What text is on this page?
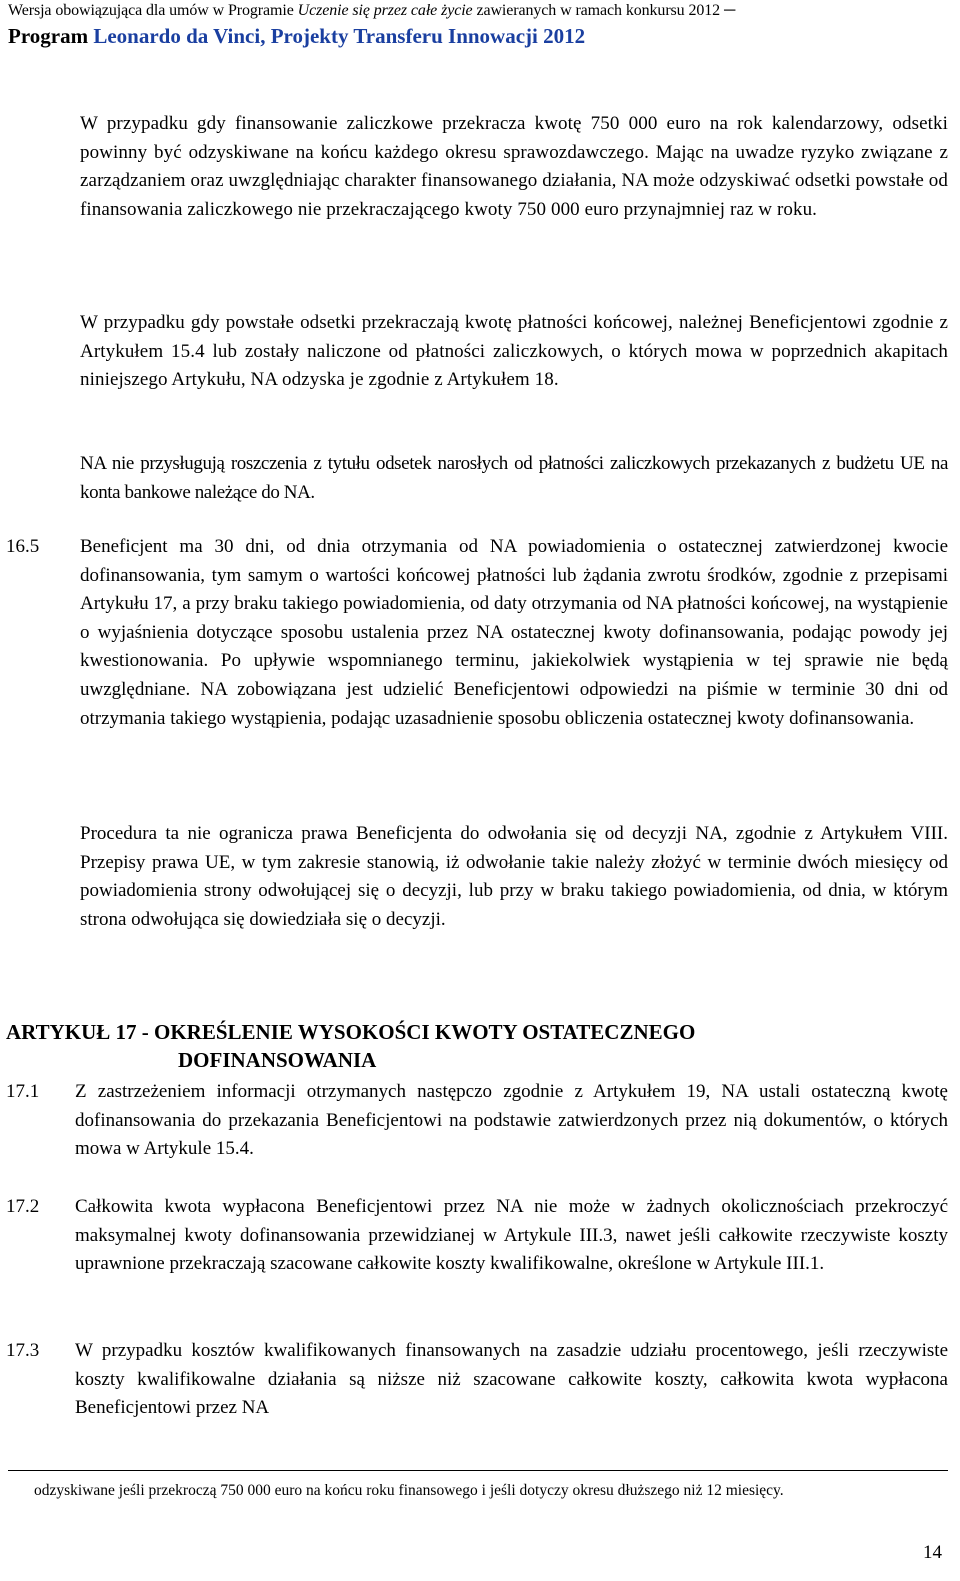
Wersja obowiązująca dla umów w Programie Uczenie się przez całe życie zawieranych w ramach konkursu 2012 ─
Program Leonardo da Vinci, Projekty Transferu Innowacji 2012
W przypadku gdy finansowanie zaliczkowe przekracza kwotę 750 000 euro na rok kalendarzowy, odsetki powinny być odzyskiwane na końcu każdego okresu sprawozdawczego. Mając na uwadze ryzyko związane z zarządzaniem oraz uwzględniając charakter finansowanego działania, NA może odzyskiwać odsetki powstałe od finansowania zaliczkowego nie przekraczającego kwoty 750 000 euro przynajmniej raz w roku.
W przypadku gdy powstałe odsetki przekraczają kwotę płatności końcowej, należnej Beneficjentowi zgodnie z Artykułem 15.4 lub zostały naliczone od płatności zaliczkowych, o których mowa w poprzednich akapitach niniejszego Artykułu, NA odzyska je zgodnie z Artykułem 18.
NA nie przysługują roszczenia z tytułu odsetek narosłych od płatności zaliczkowych przekazanych z budżetu UE na konta bankowe należące do NA.
16.5 Beneficjent ma 30 dni, od dnia otrzymania od NA powiadomienia o ostatecznej zatwierdzonej kwocie dofinansowania, tym samym o wartości końcowej płatności lub żądania zwrotu środków, zgodnie z przepisami Artykułu 17, a przy braku takiego powiadomienia, od daty otrzymania od NA płatności końcowej, na wystąpienie o wyjaśnienia dotyczące sposobu ustalenia przez NA ostatecznej kwoty dofinansowania, podając powody jej kwestionowania. Po upływie wspomnianego terminu, jakiekolwiek wystąpienia w tej sprawie nie będą uwzględniane. NA zobowiązana jest udzielić Beneficjentowi odpowiedzi na piśmie w terminie 30 dni od otrzymania takiego wystąpienia, podając uzasadnienie sposobu obliczenia ostatecznej kwoty dofinansowania.
Procedura ta nie ogranicza prawa Beneficjenta do odwołania się od decyzji NA, zgodnie z Artykułem VIII. Przepisy prawa UE, w tym zakresie stanowią, iż odwołanie takie należy złożyć w terminie dwóch miesięcy od powiadomienia strony odwołującej się o decyzji, lub przy w braku takiego powiadomienia, od dnia, w którym strona odwołująca się dowiedziała się o decyzji.
ARTYKUŁ 17 - OKREŚLENIE WYSOKOŚCI KWOTY OSTATECZNEGO
DOFINANSOWANIA
17.1 Z zastrzeżeniem informacji otrzymanych następczo zgodnie z Artykułem 19, NA ustali ostateczną kwotę dofinansowania do przekazania Beneficjentowi na podstawie zatwierdzonych przez nią dokumentów, o których mowa w Artykule 15.4.
17.2 Całkowita kwota wypłacona Beneficjentowi przez NA nie może w żadnych okolicznościach przekroczyć maksymalnej kwoty dofinansowania przewidzianej w Artykule III.3, nawet jeśli całkowite rzeczywiste koszty uprawnione przekraczają szacowane całkowite koszty kwalifikowalne, określone w Artykule III.1.
17.3 W przypadku kosztów kwalifikowanych finansowanych na zasadzie udziału procentowego, jeśli rzeczywiste koszty kwalifikowalne działania są niższe niż szacowane całkowite koszty, całkowita kwota wypłacona Beneficjentowi przez NA
odzyskiwane jeśli przekroczą 750 000 euro na końcu roku finansowego i jeśli dotyczy okresu dłuższego niż 12 miesięcy.
14
